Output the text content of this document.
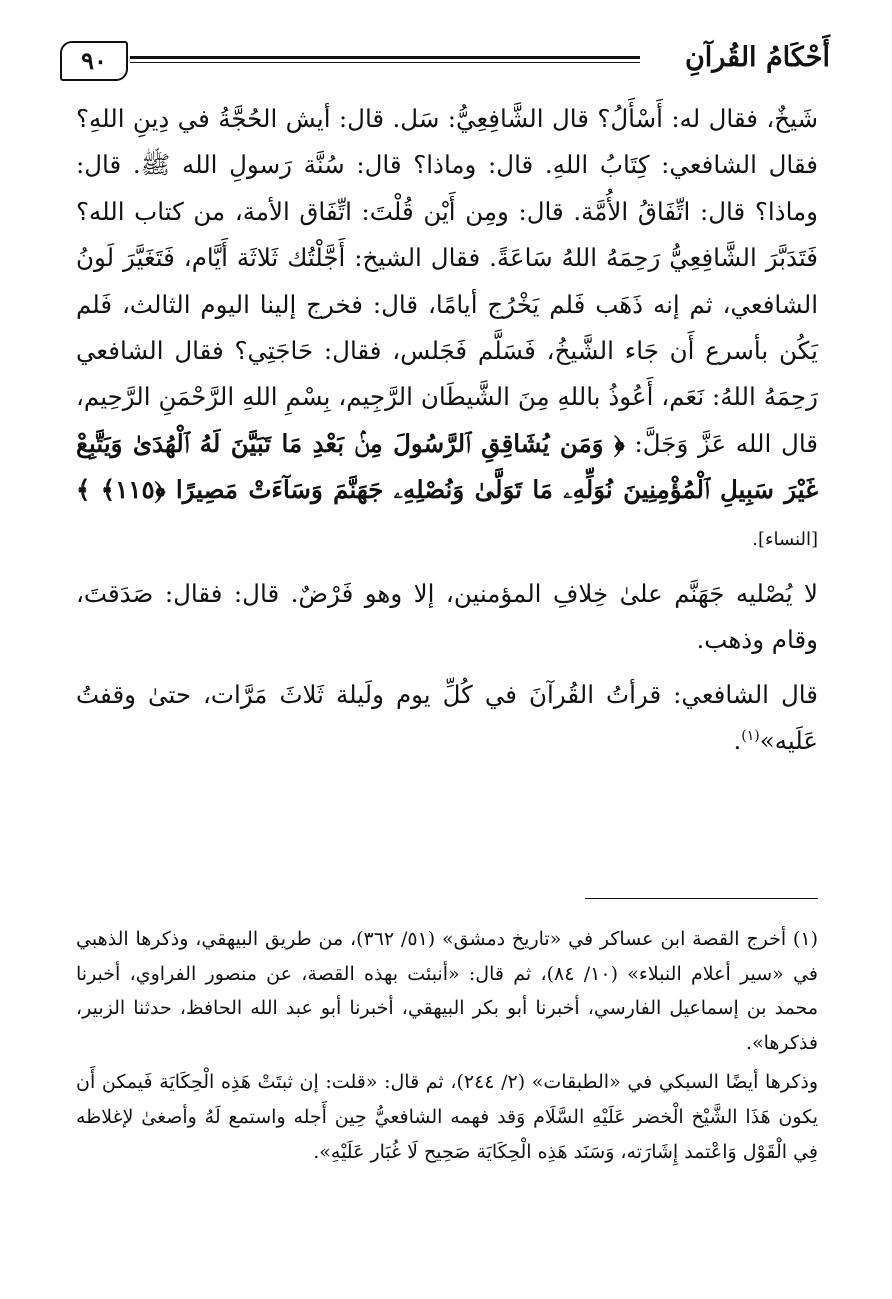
أَحْكَامُ القُرآنِ
٩٠

شَيخٌ، فقال له: أَسْأَلُ؟ قال الشَّافِعِيُّ: سَل. قال: أيش الحُجَّةُ في دِينِ اللهِ؟ فقال الشافعي: كِتَابُ اللهِ. قال: وماذا؟ قال: سُنَّة رَسولِ الله ﷺ. قال: وماذا؟ قال: اتِّفَاقُ الأُمَّة. قال: ومِن أَيْن قُلْتَ: اتِّفَاق الأمة، من كتاب الله؟ فَتَدَبَّرَ الشَّافِعِيُّ رَحِمَهُ اللهُ سَاعَةً. فقال الشيخ: أَجَّلْتُك ثَلاثَة أَيَّام، فَتَغَيَّرَ لَونُ الشافعي، ثم إنه ذَهَب فَلم يَخْرُج أيامًا، قال: فخرج إلينا اليوم الثالث، فَلم يَكُن بأسرع أَن جَاء الشَّيخُ، فَسَلَّم فَجَلس، فقال: حَاجَتِي؟ فقال الشافعي رَحِمَهُ اللهُ: نَعَم، أَعُوذُ باللهِ مِنَ الشَّيطَان الرَّجِيم، بِسْمِ اللهِ الرَّحْمَنِ الرَّحِيم، قال الله عَزَّ وَجَلَّ: ﴿ وَمَن يُشَاقِقِ ٱلرَّسُولَ مِنۢ بَعْدِ مَا تَبَيَّنَ لَهُ ٱلْهُدَىٰ وَيَتَّبِعْ غَيْرَ سَبِيلِ ٱلْمُؤْمِنِينَ نُوَلِّهِۦ مَا تَوَلَّىٰ وَنُصْلِهِۦ جَهَنَّمَ وَسَآءَتْ مَصِيرًا ﴿١١٥﴾ ﴾ [النساء].

لا يُصْليه جَهَنَّم علىٰ خِلافِ المؤمنين، إلا وهو فَرْضٌ. قال: فقال: صَدَقتَ، وقام وذهب.

قال الشافعي: قرأتُ القُرآنَ في كُلِّ يوم ولَيلة ثَلاثَ مَرَّات، حتىٰ وقفتُ عَلَيه»$^{(١)}$.

(١) أخرج القصة ابن عساكر في «تاريخ دمشق» (٥١/ ٣٦٢)، من طريق البيهقي، وذكرها الذهبي في «سير أعلام النبلاء» (١٠/ ٨٤)، ثم قال: «أنبئت بهذه القصة، عن منصور الفراوي، أخبرنا محمد بن إسماعيل الفارسي، أخبرنا أبو بكر البيهقي، أخبرنا أبو عبد الله الحافظ، حدثنا الزبير، فذكرها».

وذكرها أيضًا السبكي في «الطبقات» (٢/ ٢٤٤)، ثم قال: «قلت: إن ثبتَتْ هَذِه الْحِكَايَة فَيمكن أَن يكون هَذَا الشَّيْخ الْخضر عَلَيْهِ السَّلَام وَقد فهمه الشافعيُّ حِين أَجله واستمع لَهُ وأصغىٰ لإغلاظه فِي الْقَوْل وَاعْتمد إِشَارَته، وَسَنَد هَذِه الْحِكَايَة صَحِيح لَا غُبَار عَلَيْهِ».
